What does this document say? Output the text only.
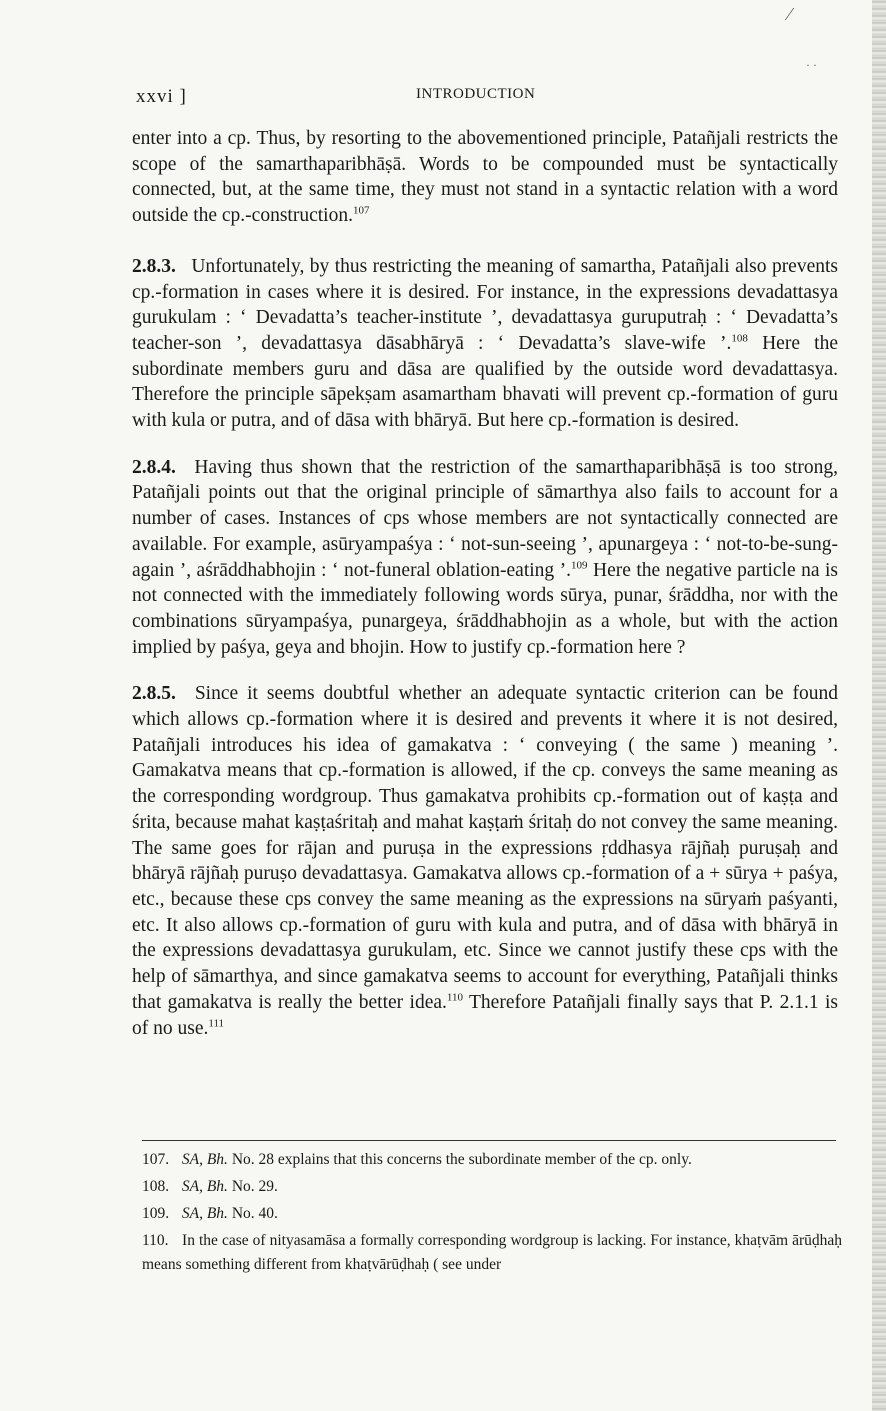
⁄
· ·
xxvi ]	INTRODUCTION

enter into a cp. Thus, by resorting to the abovementioned principle, Patañjali restricts the scope of the samarthaparibhāṣā. Words to be compounded must be syntactically connected, but, at the same time, they must not stand in a syntactic relation with a word outside the cp.-construction.$^{107}$

2.8.3. Unfortunately, by thus restricting the meaning of samartha, Patañjali also prevents cp.-formation in cases where it is desired. For instance, in the expressions devadattasya gurukulam : ‘ Devadatta’s teacher-institute ’, devadattasya guruputraḥ : ‘ Devadatta’s teacher-son ’, devadattasya dāsabhāryā : ‘ Devadatta’s slave-wife ’.$^{108}$ Here the subordinate members guru and dāsa are qualified by the outside word devadattasya. Therefore the principle sāpekṣam asamartham bhavati will prevent cp.-formation of guru with kula or putra, and of dāsa with bhāryā. But here cp.-formation is desired.

2.8.4. Having thus shown that the restriction of the samarthaparibhāṣā is too strong, Patañjali points out that the original principle of sāmarthya also fails to account for a number of cases. Instances of cps whose members are not syntactically connected are available. For example, asūryampaśya : ‘ not-sun-seeing ’, apunargeya : ‘ not-to-be-sung-again ’, aśrāddhabhojin : ‘ not-funeral oblation-eating ’.$^{109}$ Here the negative particle na is not connected with the immediately following words sūrya, punar, śrāddha, nor with the combinations sūryampaśya, punargeya, śrāddhabhojin as a whole, but with the action implied by paśya, geya and bhojin. How to justify cp.-formation here ?

2.8.5. Since it seems doubtful whether an adequate syntactic criterion can be found which allows cp.-formation where it is desired and prevents it where it is not desired, Patañjali introduces his idea of gamakatva : ‘ conveying ( the same ) meaning ’. Gamakatva means that cp.-formation is allowed, if the cp. conveys the same meaning as the corresponding wordgroup. Thus gamakatva prohibits cp.-formation out of kaṣṭa and śrita, because mahat kaṣṭaśritaḥ and mahat kaṣṭaṁ śritaḥ do not convey the same meaning. The same goes for rājan and puruṣa in the expressions ṛddhasya rājñaḥ puruṣaḥ and bhāryā rājñaḥ puruṣo devadattasya. Gamakatva allows cp.-formation of a + sūrya + paśya, etc., because these cps convey the same meaning as the expressions na sūryaṁ paśyanti, etc. It also allows cp.-formation of guru with kula and putra, and of dāsa with bhāryā in the expressions devadattasya gurukulam, etc. Since we cannot justify these cps with the help of sāmarthya, and since gamakatva seems to account for everything, Patañjali thinks that gamakatva is really the better idea.$^{110}$ Therefore Patañjali finally says that P. 2.1.1 is of no use.$^{111}$

107. SA, Bh. No. 28 explains that this concerns the subordinate member of the cp. only.
108. SA, Bh. No. 29.
109. SA, Bh. No. 40.
110. In the case of nityasamāsa a formally corresponding wordgroup is lacking. For instance, khaṭvām ārūḍhaḥ means something different from khaṭvārūḍhaḥ ( see under
